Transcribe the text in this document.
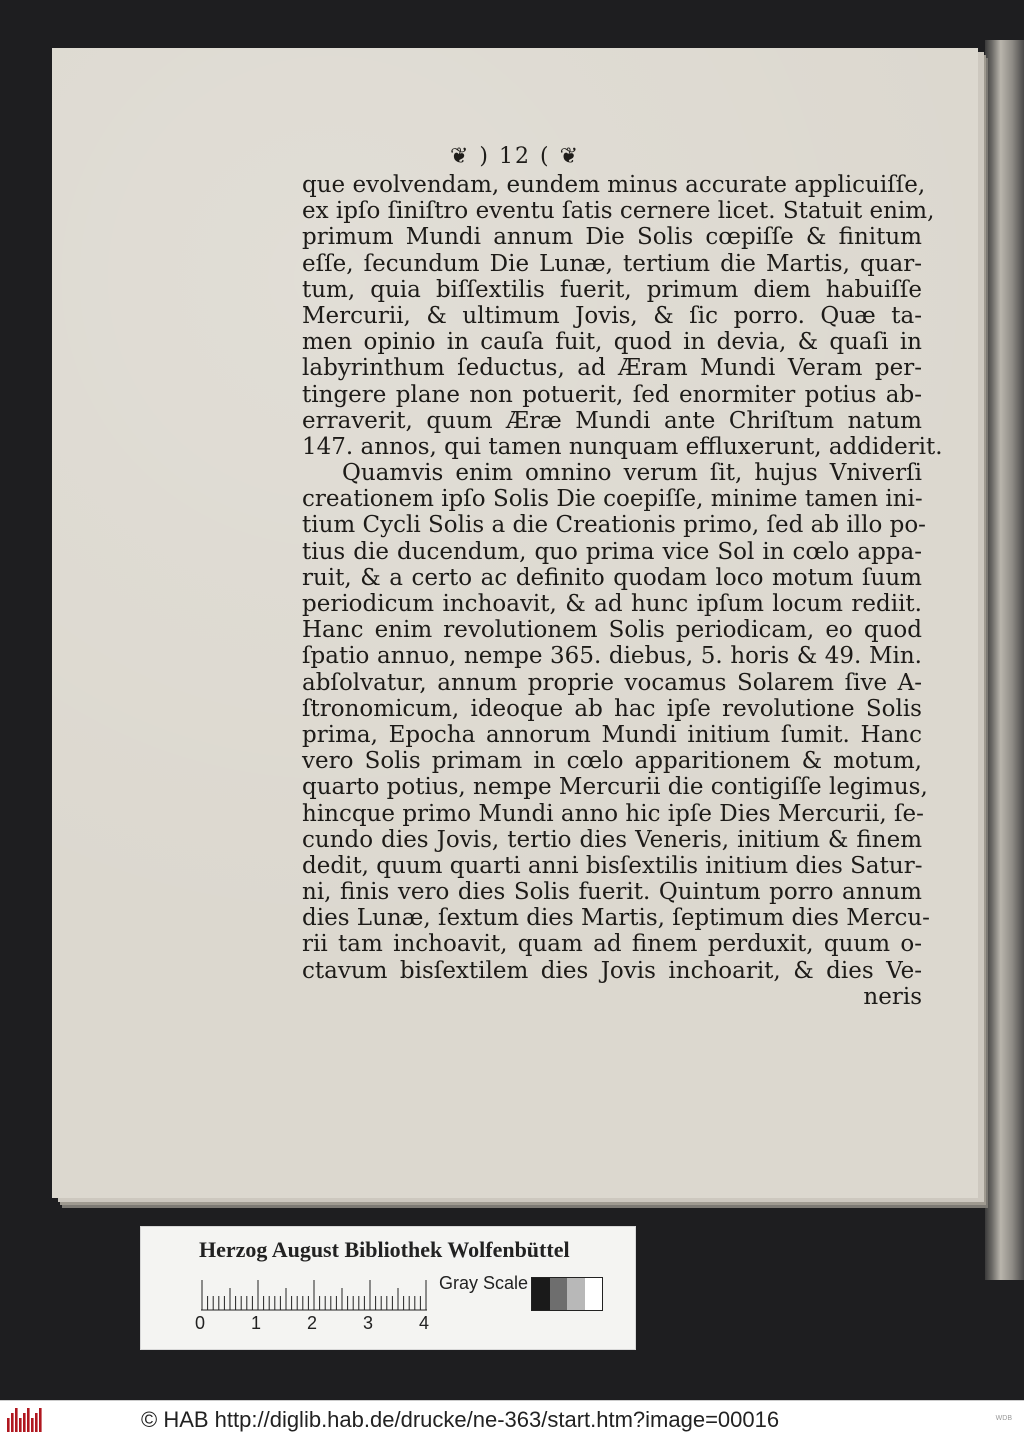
❦ ) 12 ( ❦
que evolvendam, eundem minus accurate applicuiſſe,
ex ipſo ſiniſtro eventu ſatis cernere licet. Statuit enim,
primum Mundi annum Die Solis cœpiſſe & finitum
eſſe, ſecundum Die Lunæ, tertium die Martis, quar-
tum, quia biſſextilis fuerit, primum diem habuiſſe
Mercurii, & ultimum Jovis, & ſic porro. Quæ ta-
men opinio in cauſa fuit, quod in devia, & quaſi in
labyrinthum ſeductus, ad Æram Mundi Veram per-
tingere plane non potuerit, ſed enormiter potius ab-
erraverit, quum Æræ Mundi ante Chriſtum natum
147. annos, qui tamen nunquam effluxerunt, addiderit.
Quamvis enim omnino verum ſit, hujus Vniverſi
creationem ipſo Solis Die coepiſſe, minime tamen ini-
tium Cycli Solis a die Creationis primo, ſed ab illo po-
tius die ducendum, quo prima vice Sol in cœlo appa-
ruit, & a certo ac definito quodam loco motum ſuum
periodicum inchoavit, & ad hunc ipſum locum rediit.
Hanc enim revolutionem Solis periodicam, eo quod
ſpatio annuo, nempe 365. diebus, 5. horis & 49. Min.
abſolvatur, annum proprie vocamus Solarem ſive A-
ſtronomicum, ideoque ab hac ipſe revolutione Solis
prima, Epocha annorum Mundi initium ſumit. Hanc
vero Solis primam in cœlo apparitionem & motum,
quarto potius, nempe Mercurii die contigiſſe legimus,
hincque primo Mundi anno hic ipſe Dies Mercurii, ſe-
cundo dies Jovis, tertio dies Veneris, initium & finem
dedit, quum quarti anni bisſextilis initium dies Satur-
ni, finis vero dies Solis fuerit. Quintum porro annum
dies Lunæ, ſextum dies Martis, ſeptimum dies Mercu-
rii tam inchoavit, quam ad finem perduxit, quum o-
ctavum bisſextilem dies Jovis inchoarit, & dies Ve-
neris
Herzog August Bibliothek Wolfenbüttel
0	1	2	3	4
Gray Scale
© HAB http://diglib.hab.de/drucke/ne-363/start.htm?image=00016	WDB
